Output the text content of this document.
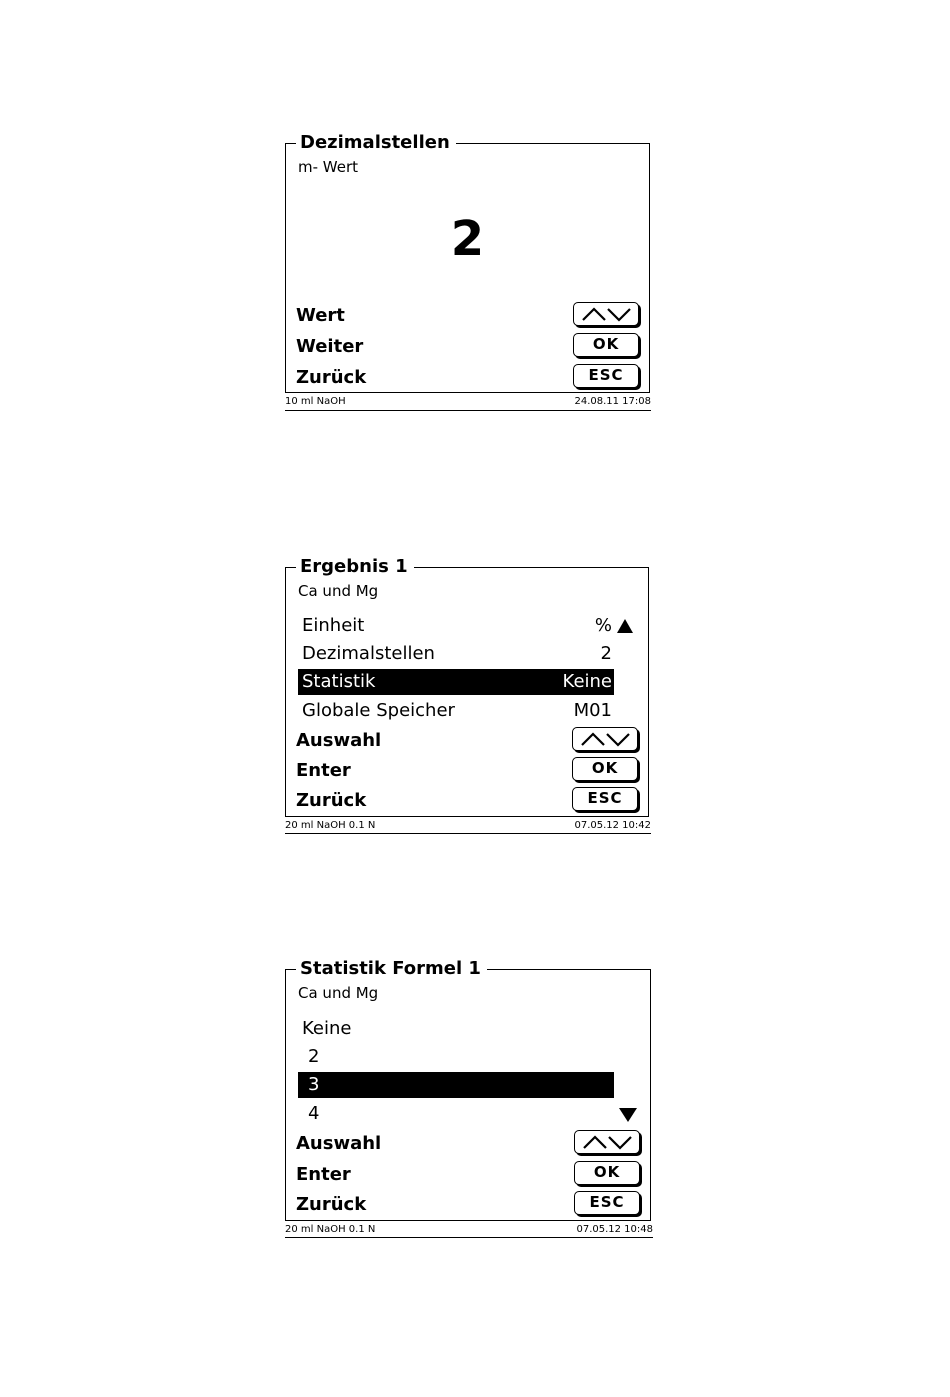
Dezimalstellen
m- Wert
2
Wert
Weiter	OK
Zurück	ESC
10 ml NaOH	24.08.11 17:08
Ergebnis 1
Ca und Mg
Einheit	%
Dezimalstellen	2
Statistik	Keine
Globale Speicher	M01
Auswahl
Enter	OK
Zurück	ESC
20 ml NaOH 0.1 N	07.05.12 10:42
Statistik Formel 1
Ca und Mg
Keine
2
3
4
Auswahl
Enter	OK
Zurück	ESC
20 ml NaOH 0.1 N	07.05.12 10:48
